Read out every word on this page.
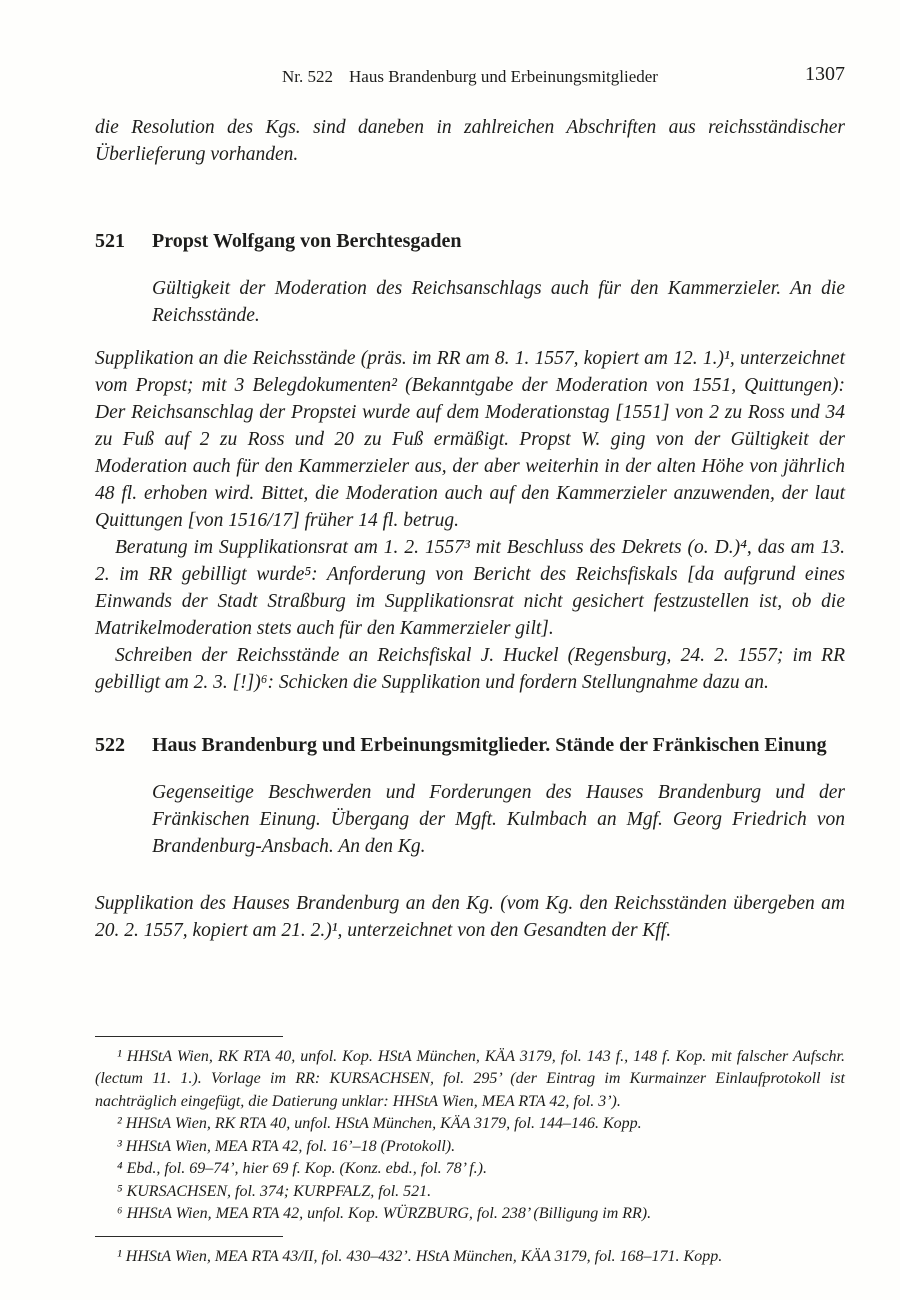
Nr. 522 Haus Brandenburg und Erbeinungsmitglieder	1307

die Resolution des Kgs. sind daneben in zahlreichen Abschriften aus reichsständischer Überlieferung vorhanden.

521	Propst Wolfgang von Berchtesgaden

Gültigkeit der Moderation des Reichsanschlags auch für den Kammerzieler. An die Reichsstände.

Supplikation an die Reichsstände (präs. im RR am 8. 1. 1557, kopiert am 12. 1.)¹, unterzeichnet vom Propst; mit 3 Belegdokumenten² (Bekanntgabe der Moderation von 1551, Quittungen): Der Reichsanschlag der Propstei wurde auf dem Moderationstag [1551] von 2 zu Ross und 34 zu Fuß auf 2 zu Ross und 20 zu Fuß ermäßigt. Propst W. ging von der Gültigkeit der Moderation auch für den Kammerzieler aus, der aber weiterhin in der alten Höhe von jährlich 48 fl. erhoben wird. Bittet, die Moderation auch auf den Kammerzieler anzuwenden, der laut Quittungen [von 1516/17] früher 14 fl. betrug.

Beratung im Supplikationsrat am 1. 2. 1557³ mit Beschluss des Dekrets (o. D.)⁴, das am 13. 2. im RR gebilligt wurde⁵: Anforderung von Bericht des Reichsfiskals [da aufgrund eines Einwands der Stadt Straßburg im Supplikationsrat nicht gesichert festzustellen ist, ob die Matrikelmoderation stets auch für den Kammerzieler gilt].

Schreiben der Reichsstände an Reichsfiskal J. Huckel (Regensburg, 24. 2. 1557; im RR gebilligt am 2. 3. [!])⁶: Schicken die Supplikation und fordern Stellungnahme dazu an.

522	Haus Brandenburg und Erbeinungsmitglieder. Stände der Fränkischen Einung

Gegenseitige Beschwerden und Forderungen des Hauses Brandenburg und der Fränkischen Einung. Übergang der Mgft. Kulmbach an Mgf. Georg Friedrich von Brandenburg-Ansbach. An den Kg.

Supplikation des Hauses Brandenburg an den Kg. (vom Kg. den Reichsständen übergeben am 20. 2. 1557, kopiert am 21. 2.)¹, unterzeichnet von den Gesandten der Kff.

¹ HHStA Wien, RK RTA 40, unfol. Kop. HStA München, KÄA 3179, fol. 143 f., 148 f. Kop. mit falscher Aufschr. (lectum 11. 1.). Vorlage im RR: KURSACHSEN, fol. 295’ (der Eintrag im Kurmainzer Einlaufprotokoll ist nachträglich eingefügt, die Datierung unklar: HHStA Wien, MEA RTA 42, fol. 3’).

² HHStA Wien, RK RTA 40, unfol. HStA München, KÄA 3179, fol. 144–146. Kopp.

³ HHStA Wien, MEA RTA 42, fol. 16’–18 (Protokoll).

⁴ Ebd., fol. 69–74’, hier 69 f. Kop. (Konz. ebd., fol. 78’ f.).

⁵ KURSACHSEN, fol. 374; KURPFALZ, fol. 521.

⁶ HHStA Wien, MEA RTA 42, unfol. Kop. WÜRZBURG, fol. 238’ (Billigung im RR).

¹ HHStA Wien, MEA RTA 43/II, fol. 430–432’. HStA München, KÄA 3179, fol. 168–171. Kopp.
